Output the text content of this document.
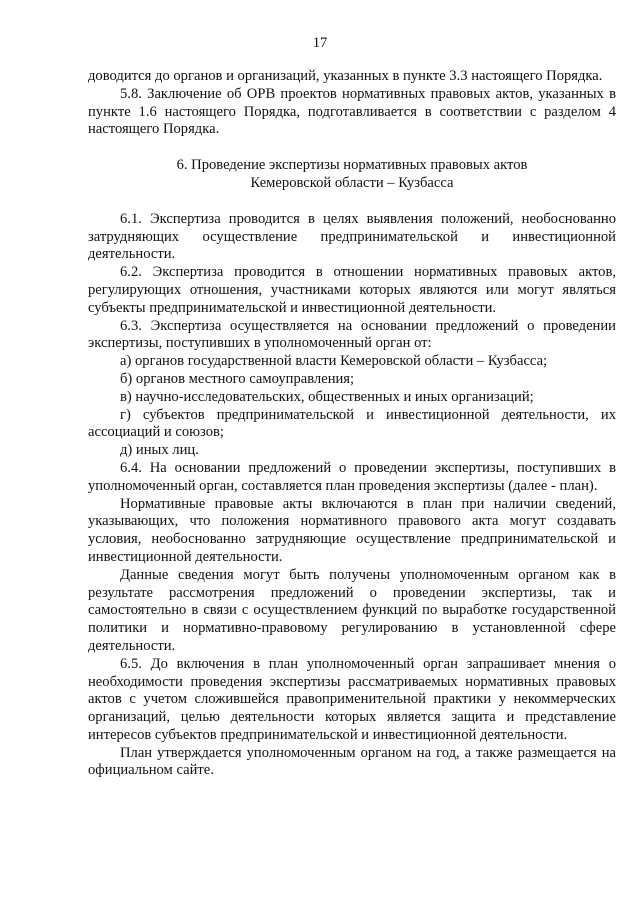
17

доводится до органов и организаций, указанных в пункте 3.3 настоящего Порядка.

5.8. Заключение об ОРВ проектов нормативных правовых актов, указанных в пункте 1.6 настоящего Порядка, подготавливается в соответствии с разделом 4 настоящего Порядка.

6. Проведение экспертизы нормативных правовых актов
Кемеровской области – Кузбасса

6.1. Экспертиза проводится в целях выявления положений, необоснованно затрудняющих осуществление предпринимательской и инвестиционной деятельности.

6.2. Экспертиза проводится в отношении нормативных правовых актов, регулирующих отношения, участниками которых являются или могут являться субъекты предпринимательской и инвестиционной деятельности.

6.3. Экспертиза осуществляется на основании предложений о проведении экспертизы, поступивших в уполномоченный орган от:

а) органов государственной власти Кемеровской области – Кузбасса;

б) органов местного самоуправления;

в) научно-исследовательских, общественных и иных организаций;

г) субъектов предпринимательской и инвестиционной деятельности, их ассоциаций и союзов;

д) иных лиц.

6.4. На основании предложений о проведении экспертизы, поступивших в уполномоченный орган, составляется план проведения экспертизы (далее - план).

Нормативные правовые акты включаются в план при наличии сведений, указывающих, что положения нормативного правового акта могут создавать условия, необоснованно затрудняющие осуществление предпринимательской и инвестиционной деятельности.

Данные сведения могут быть получены уполномоченным органом как в результате рассмотрения предложений о проведении экспертизы, так и самостоятельно в связи с осуществлением функций по выработке государственной политики и нормативно-правовому регулированию в установленной сфере деятельности.

6.5. До включения в план уполномоченный орган запрашивает мнения о необходимости проведения экспертизы рассматриваемых нормативных правовых актов с учетом сложившейся правоприменительной практики у некоммерческих организаций, целью деятельности которых является защита и представление интересов субъектов предпринимательской и инвестиционной деятельности.

План утверждается уполномоченным органом на год, а также размещается на официальном сайте.
